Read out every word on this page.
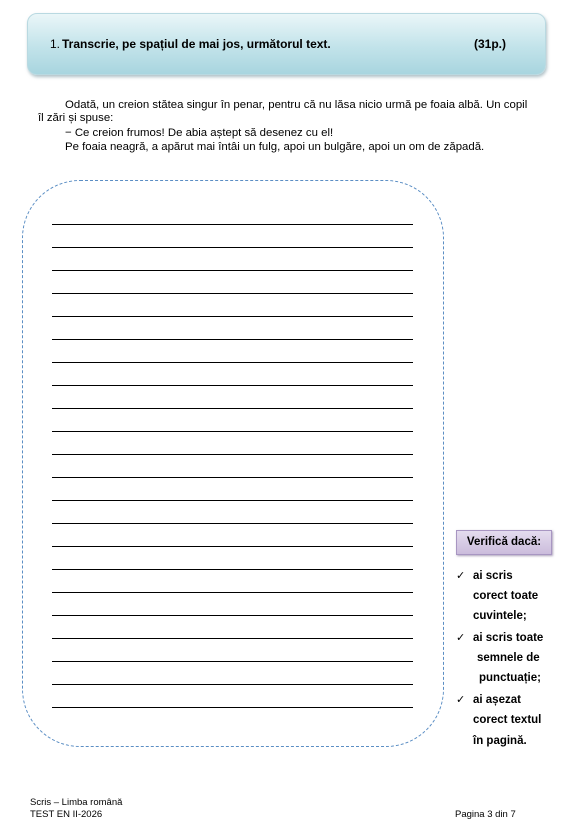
1. Transcrie, pe spațiul de mai jos, următorul text.	(31p.)
Odată, un creion stătea singur în penar, pentru că nu lăsa nicio urmă pe foaia albă. Un copil
îl zări și spuse:
− Ce creion frumos! De abia aștept să desenez cu el!
Pe foaia neagră, a apărut mai întâi un fulg, apoi un bulgăre, apoi un om de zăpadă.
Verifică dacă:
✓ ai scris
corect toate
cuvintele;
✓ ai scris toate
semnele de
punctuație;
✓ ai așezat
corect textul
în pagină.
Scris – Limba română
TEST EN II-2026	Pagina 3 din 7
